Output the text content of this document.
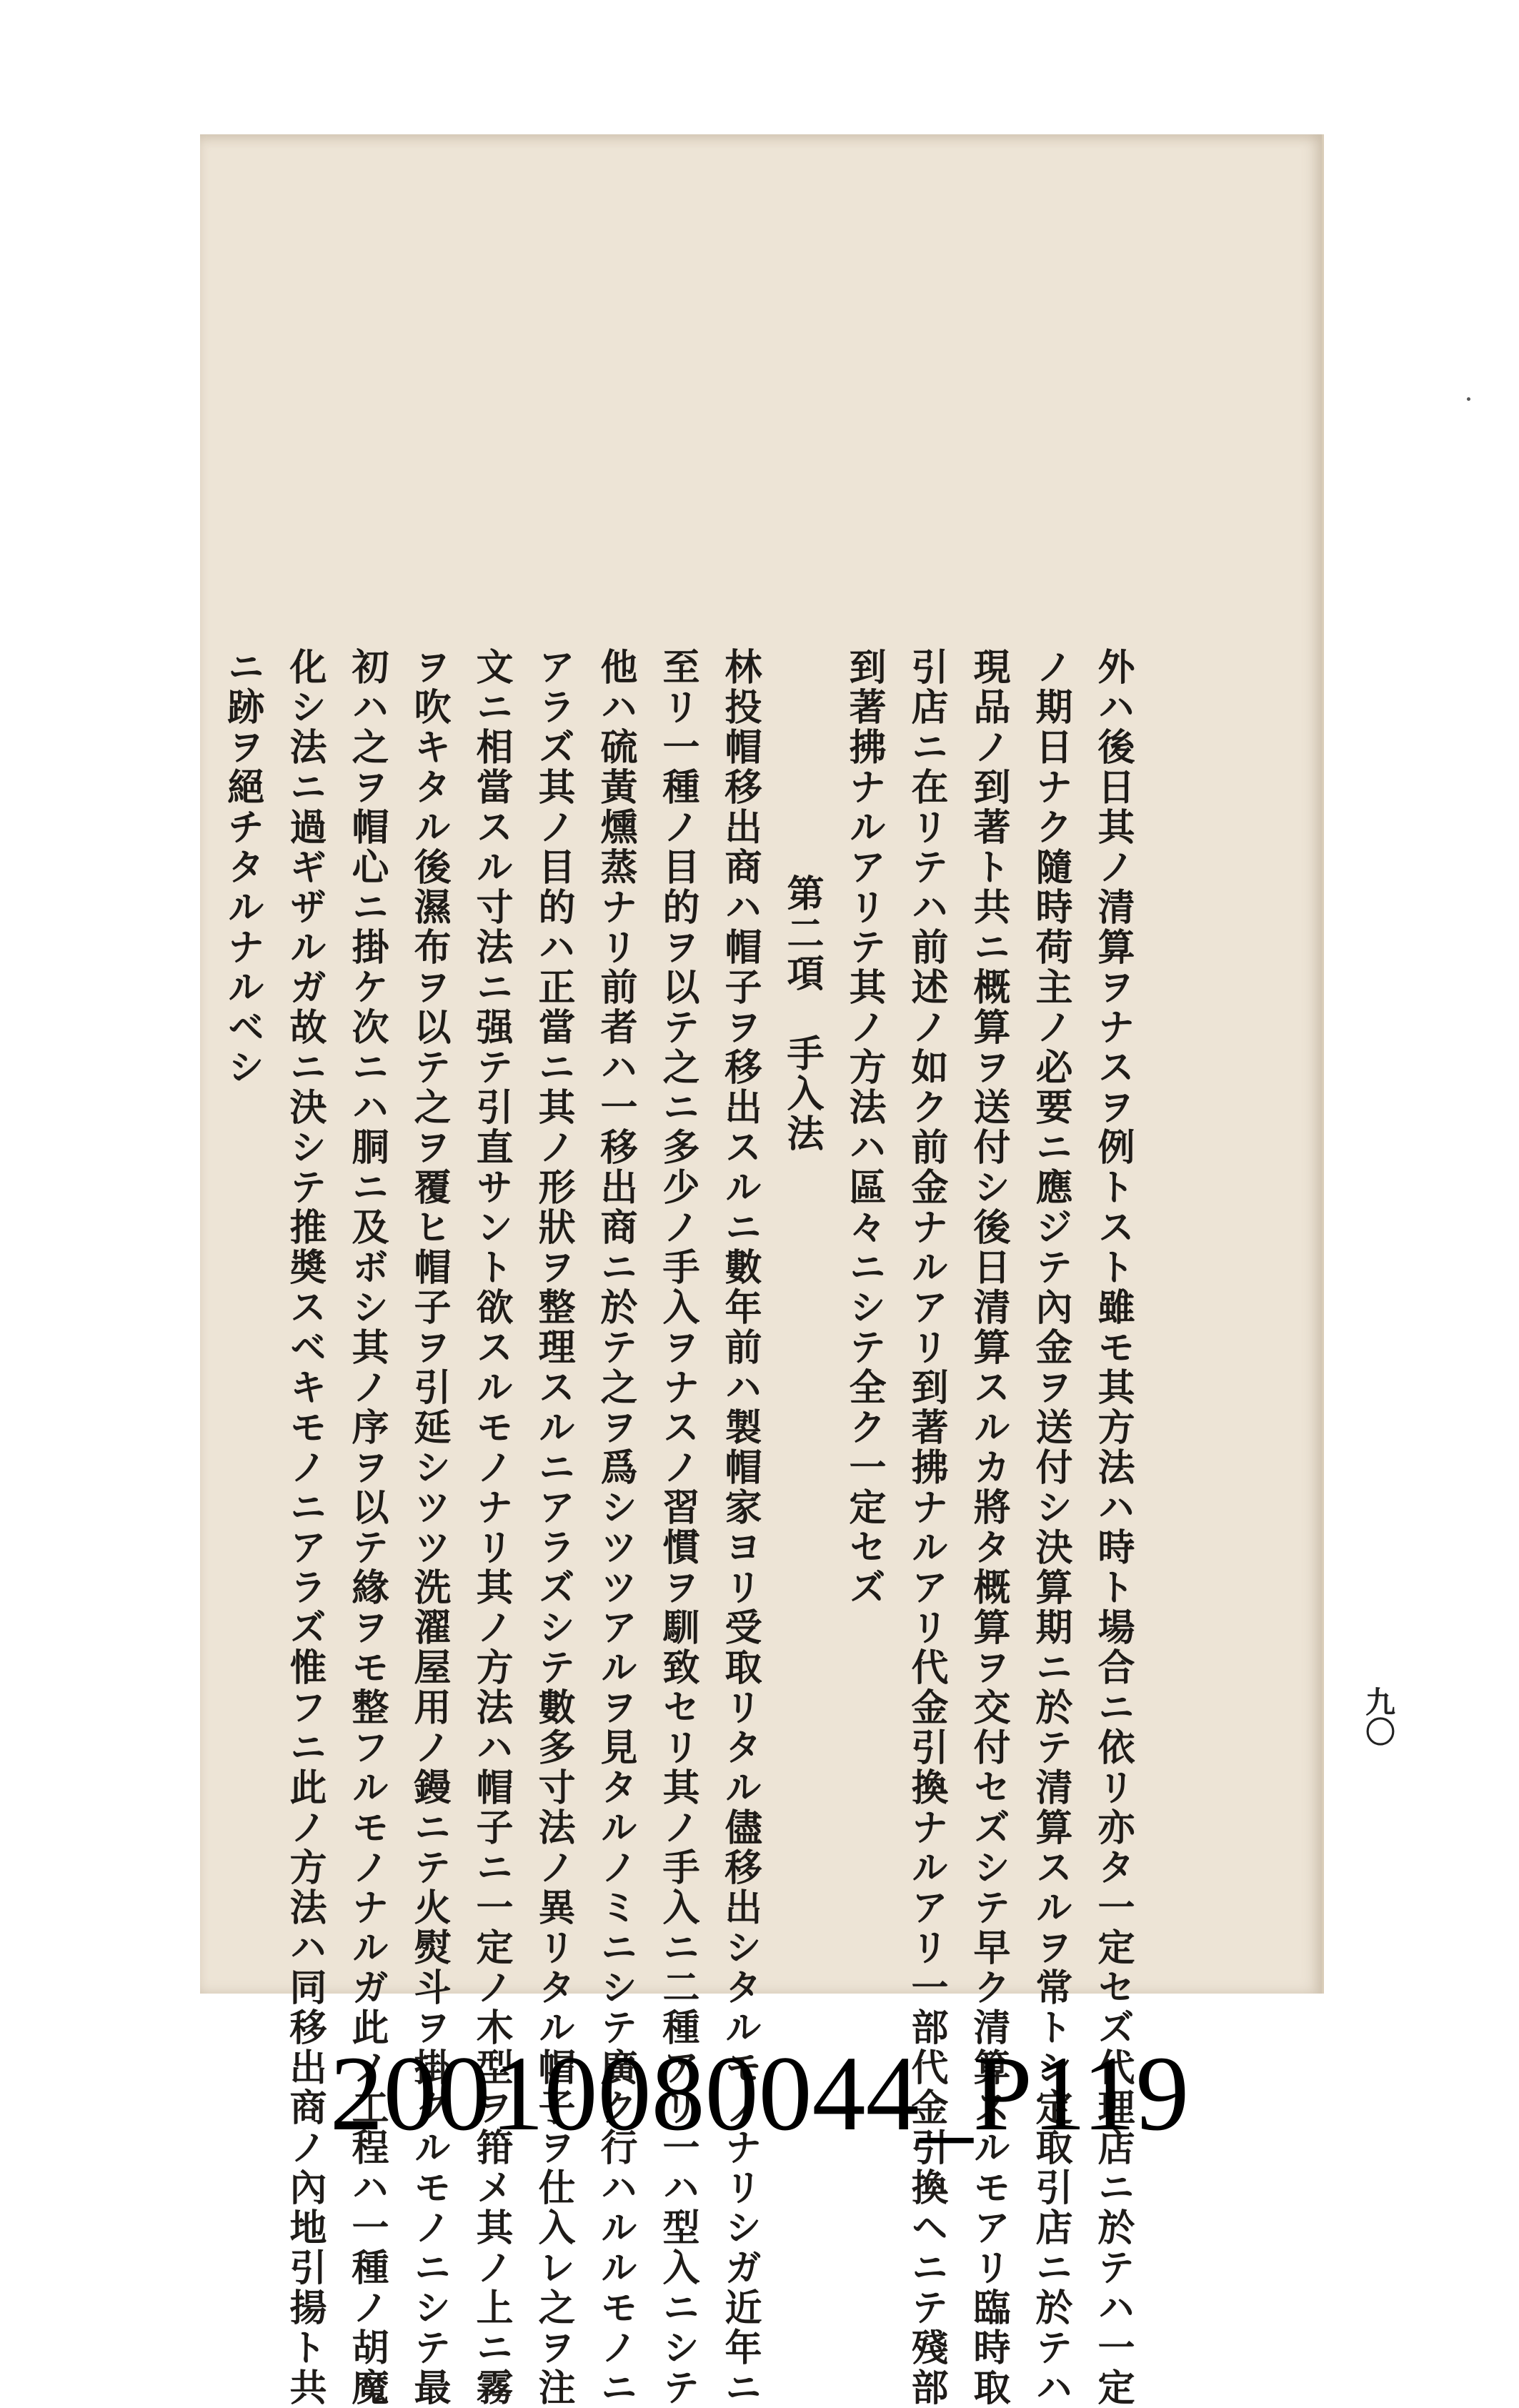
九〇
到著拂ナルアリテ其ノ方法ハ區々ニシテ全ク一定セズ 引店ニ在リテハ前述ノ如ク前金ナルアリ到著拂ナルアリ代金引換ナルアリ一部代金引換ヘニテ殘部 現品ノ到著ト共ニ概算ヲ送付シ後日清算スルカ將タ概算ヲ交付セズシテ早ク清算スルモアリ臨時取 ノ期日ナク隨時荷主ノ必要ニ應ジテ內金ヲ送付シ決算期ニ於テ清算スルヲ常トシ定取引店ニ於テハ 外ハ後日其ノ清算ヲナスヲ例トスト雖モ其方法ハ時ト場合ニ依リ亦タ一定セズ代理店ニ於テハ一定
第二項　手入法
林投帽移出商ハ帽子ヲ移出スルニ數年前ハ製帽家ヨリ受取リタル儘移出シタルモノナリシガ近年ニ
至リ一種ノ目的ヲ以テ之ニ多少ノ手入ヲナスノ習慣ヲ馴致セリ其ノ手入ニ二種アリ一ハ型入ニシテ
他ハ硫黃燻蒸ナリ前者ハ一移出商ニ於テ之ヲ爲シツツアルヲ見タルノミニシテ廣ク行ハルルモノニ
アラズ其ノ目的ハ正當ニ其ノ形狀ヲ整理スルニアラズシテ數多寸法ノ異リタル帽子ヲ仕入レ之ヲ注
文ニ相當スル寸法ニ强テ引直サント欲スルモノナリ其ノ方法ハ帽子ニ一定ノ木型ヲ箝メ其ノ上ニ霧
ヲ吹キタル後濕布ヲ以テ之ヲ覆ヒ帽子ヲ引延シツツ洗濯屋用ノ鏝ニテ火熨斗ヲ掛クルモノニシテ最
初ハ之ヲ帽心ニ掛ケ次ニハ胴ニ及ボシ其ノ序ヲ以テ緣ヲモ整フルモノナルガ此ノ工程ハ一種ノ胡魔
化シ法ニ過ギザルガ故ニ決シテ推奬スベキモノニアラズ惟フニ此ノ方法ハ同移出商ノ內地引揚ト共
ニ跡ヲ絕チタルナルベシ
20010080044_P119
